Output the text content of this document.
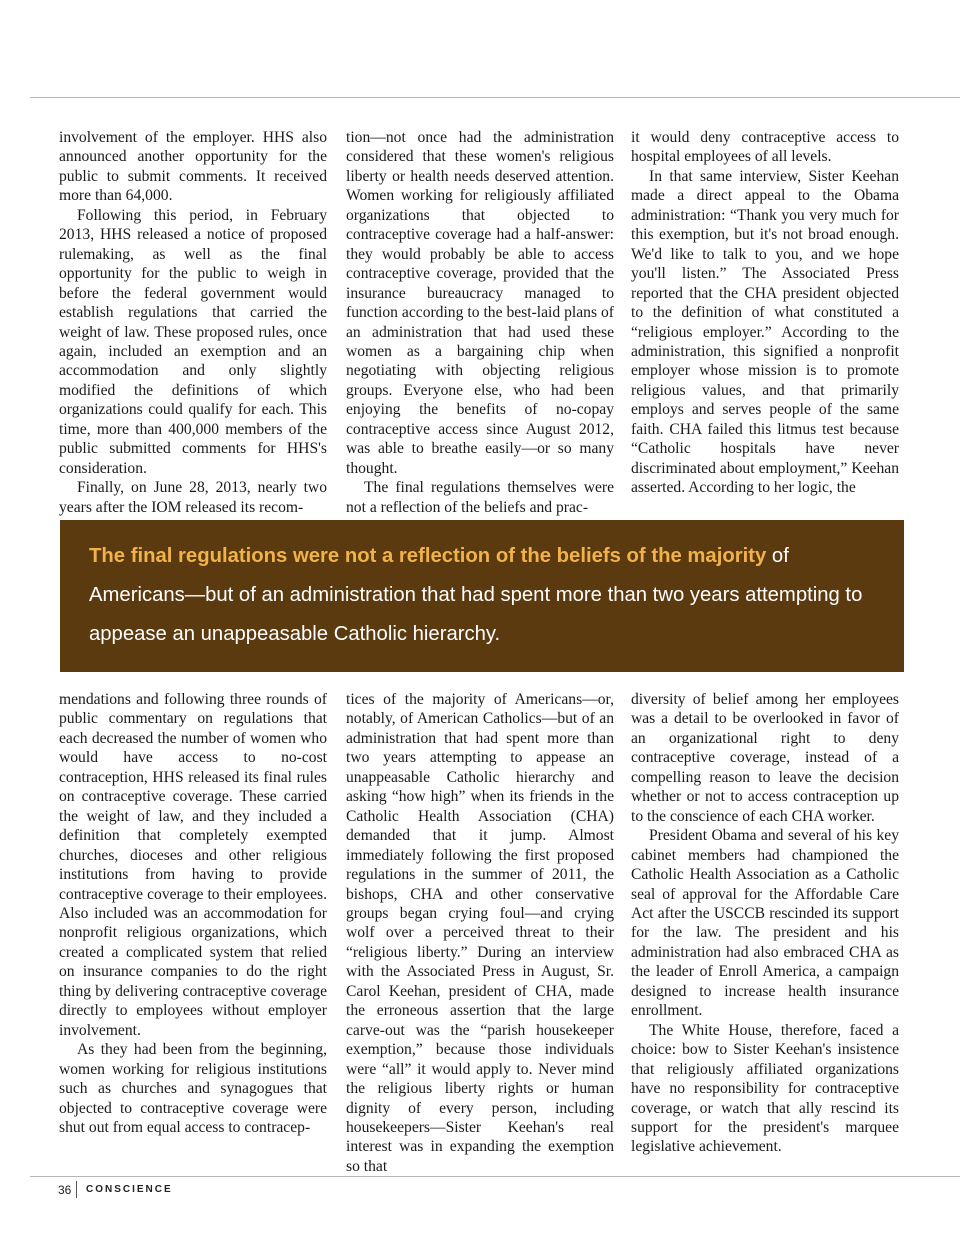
involvement of the employer. HHS also announced another opportunity for the public to submit comments. It received more than 64,000.

Following this period, in February 2013, HHS released a notice of proposed rulemaking, as well as the final opportunity for the public to weigh in before the federal government would establish regulations that carried the weight of law. These proposed rules, once again, included an exemption and an accommodation and only slightly modified the definitions of which organizations could qualify for each. This time, more than 400,000 members of the public submitted comments for HHS's consideration.

Finally, on June 28, 2013, nearly two years after the IOM released its recom-

tion—not once had the administration considered that these women's religious liberty or health needs deserved attention. Women working for religiously affiliated organizations that objected to contraceptive coverage had a half-answer: they would probably be able to access contraceptive coverage, provided that the insurance bureaucracy managed to function according to the best-laid plans of an administration that had used these women as a bargaining chip when negotiating with objecting religious groups. Everyone else, who had been enjoying the benefits of no-copay contraceptive access since August 2012, was able to breathe easily—or so many thought.

The final regulations themselves were not a reflection of the beliefs and prac-

it would deny contraceptive access to hospital employees of all levels.

In that same interview, Sister Keehan made a direct appeal to the Obama administration: “Thank you very much for this exemption, but it's not broad enough. We'd like to talk to you, and we hope you'll listen.” The Associated Press reported that the CHA president objected to the definition of what constituted a “religious employer.” According to the administration, this signified a nonprofit employer whose mission is to promote religious values, and that primarily employs and serves people of the same faith. CHA failed this litmus test because “Catholic hospitals have never discriminated about employment,” Keehan asserted. According to her logic, the

The final regulations were not a reflection of the beliefs of the majority of Americans—but of an administration that had spent more than two years attempting to appease an unappeasable Catholic hierarchy.

mendations and following three rounds of public commentary on regulations that each decreased the number of women who would have access to no-cost contraception, HHS released its final rules on contraceptive coverage. These carried the weight of law, and they included a definition that completely exempted churches, dioceses and other religious institutions from having to provide contraceptive coverage to their employees. Also included was an accommodation for nonprofit religious organizations, which created a complicated system that relied on insurance companies to do the right thing by delivering contraceptive coverage directly to employees without employer involvement.

As they had been from the beginning, women working for religious institutions such as churches and synagogues that objected to contraceptive coverage were shut out from equal access to contracep-

tices of the majority of Americans—or, notably, of American Catholics—but of an administration that had spent more than two years attempting to appease an unappeasable Catholic hierarchy and asking “how high” when its friends in the Catholic Health Association (CHA) demanded that it jump. Almost immediately following the first proposed regulations in the summer of 2011, the bishops, CHA and other conservative groups began crying foul—and crying wolf over a perceived threat to their “religious liberty.” During an interview with the Associated Press in August, Sr. Carol Keehan, president of CHA, made the erroneous assertion that the large carve-out was the “parish housekeeper exemption,” because those individuals were “all” it would apply to. Never mind the religious liberty rights or human dignity of every person, including housekeepers—Sister Keehan's real interest was in expanding the exemption so that

diversity of belief among her employees was a detail to be overlooked in favor of an organizational right to deny contraceptive coverage, instead of a compelling reason to leave the decision whether or not to access contraception up to the conscience of each CHA worker.

President Obama and several of his key cabinet members had championed the Catholic Health Association as a Catholic seal of approval for the Affordable Care Act after the USCCB rescinded its support for the law. The president and his administration had also embraced CHA as the leader of Enroll America, a campaign designed to increase health insurance enrollment.

The White House, therefore, faced a choice: bow to Sister Keehan's insistence that religiously affiliated organizations have no responsibility for contraceptive coverage, or watch that ally rescind its support for the president's marquee legislative achievement.

36 CONSCIENCE
